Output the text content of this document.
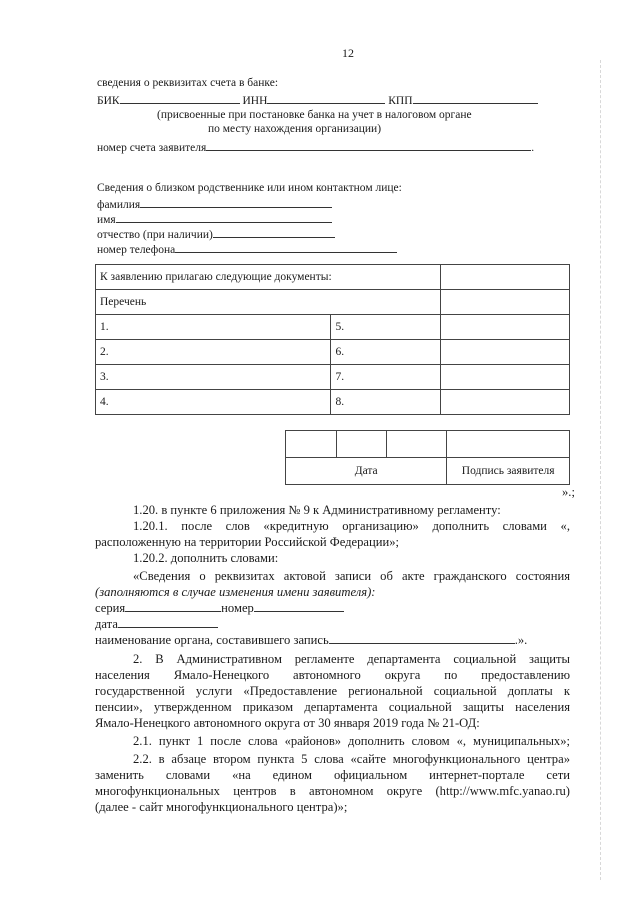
12
сведения о реквизитах счета в банке:
БИК	ИНН	КПП
(присвоенные при постановке банка на учет в налоговом органе
по месту нахождения организации)
номер счета заявителя	.
Сведения о близком родственнике или ином контактном лице:
фамилия
имя
отчество (при наличии)
номер телефона
К заявлению прилагаю следующие документы:		
Перечень		
1.	5.	
2.	6.	
3.	7.	
4.	8.	

Дата			Подпись заявителя
».;
1.20. в пункте 6 приложения № 9 к Административному регламенту:
1.20.1. после слов «кредитную организацию» дополнить словами «,
расположенную на территории Российской Федерации»;
1.20.2. дополнить словами:
«Сведения о реквизитах актовой записи об акте гражданского состояния
(заполняются в случае изменения имени заявителя):
серия	номер
дата
наименование органа, составившего запись	.».
2. В Административном регламенте департамента социальной защиты
населения Ямало-Ненецкого автономного округа по предоставлению
государственной услуги «Предоставление региональной социальной доплаты к
пенсии», утвержденном приказом департамента социальной защиты населения
Ямало-Ненецкого автономного округа от 30 января 2019 года № 21-ОД:
2.1. пункт 1 после слова «районов» дополнить словом «, муниципальных»;
2.2. в абзаце втором пункта 5 слова «сайте многофункционального центра»
заменить словами «на едином официальном интернет-портале сети
многофункциональных центров в автономном округе (http://www.mfc.yanao.ru)
(далее - сайт многофункционального центра)»;
